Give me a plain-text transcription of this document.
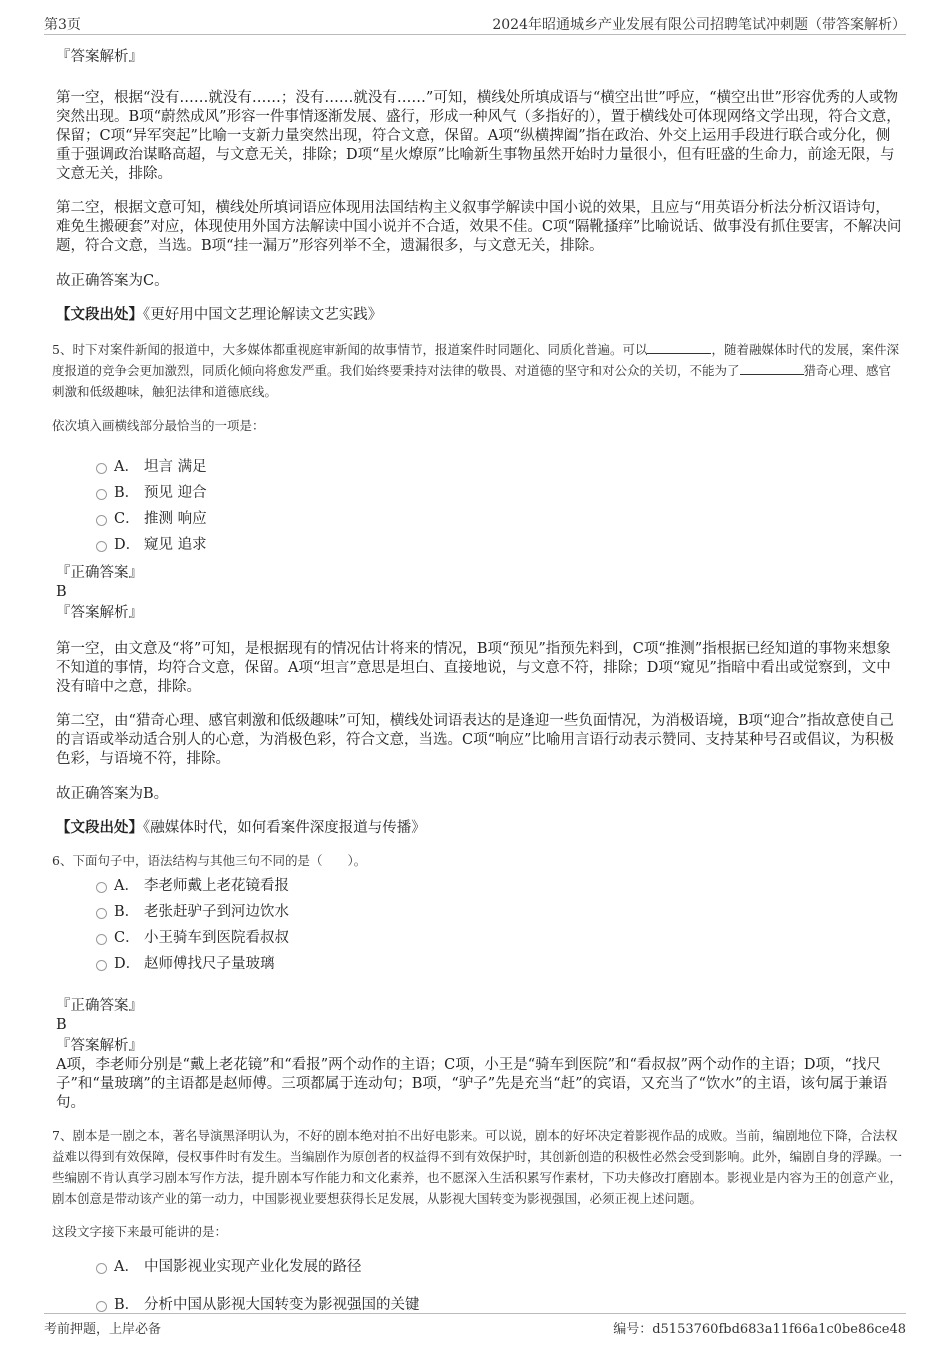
第3页	2024年昭通城乡产业发展有限公司招聘笔试冲刺题（带答案解析）

『答案解析』

第一空，根据“没有……就没有……；没有……就没有……”可知，横线处所填成语与“横空出世”呼应，“横空出世”形容优秀的人或物突然出现。B项“蔚然成风”形容一件事情逐渐发展、盛行，形成一种风气（多指好的），置于横线处可体现网络文学出现，符合文意，保留；C项“异军突起”比喻一支新力量突然出现，符合文意，保留。A项“纵横捭阖”指在政治、外交上运用手段进行联合或分化，侧重于强调政治谋略高超，与文意无关，排除；D项“星火燎原”比喻新生事物虽然开始时力量很小，但有旺盛的生命力，前途无限，与文意无关，排除。

第二空，根据文意可知，横线处所填词语应体现用法国结构主义叙事学解读中国小说的效果，且应与“用英语分析法分析汉语诗句，难免生搬硬套”对应，体现使用外国方法解读中国小说并不合适，效果不佳。C项“隔靴搔痒”比喻说话、做事没有抓住要害，不解决问题，符合文意，当选。B项“挂一漏万”形容列举不全，遗漏很多，与文意无关，排除。

故正确答案为C。

【文段出处】《更好用中国文艺理论解读文艺实践》

5、时下对案件新闻的报道中，大多媒体都重视庭审新闻的故事情节，报道案件时同题化、同质化普遍。可以	，随着融媒体时代的发展，案件深度报道的竞争会更加激烈，同质化倾向将愈发严重。我们始终要秉持对法律的敬畏、对道德的坚守和对公众的关切，不能为了	猎奇心理、感官刺激和低级趣味，触犯法律和道德底线。

依次填入画横线部分最恰当的一项是：

A． 坦言 满足
B． 预见 迎合
C． 推测 响应
D． 窥见 追求

『正确答案』

B

『答案解析』

第一空，由文意及“将”可知，是根据现有的情况估计将来的情况，B项“预见”指预先料到，C项“推测”指根据已经知道的事物来想象不知道的事情，均符合文意，保留。A项“坦言”意思是坦白、直接地说，与文意不符，排除；D项“窥见”指暗中看出或觉察到，文中没有暗中之意，排除。

第二空，由“猎奇心理、感官刺激和低级趣味”可知，横线处词语表达的是逢迎一些负面情况，为消极语境，B项“迎合”指故意使自己的言语或举动适合别人的心意，为消极色彩，符合文意，当选。C项“响应”比喻用言语行动表示赞同、支持某种号召或倡议，为积极色彩，与语境不符，排除。

故正确答案为B。

【文段出处】《融媒体时代，如何看案件深度报道与传播》

6、下面句子中，语法结构与其他三句不同的是（　　）。

A． 李老师戴上老花镜看报
B． 老张赶驴子到河边饮水
C． 小王骑车到医院看叔叔
D． 赵师傅找尺子量玻璃

『正确答案』

B

『答案解析』

A项，李老师分别是“戴上老花镜”和“看报”两个动作的主语；C项，小王是“骑车到医院”和“看叔叔”两个动作的主语；D项，“找尺子”和“量玻璃”的主语都是赵师傅。三项都属于连动句；B项，“驴子”先是充当“赶”的宾语，又充当了“饮水”的主语，该句属于兼语句。

7、剧本是一剧之本，著名导演黑泽明认为，不好的剧本绝对拍不出好电影来。可以说，剧本的好坏决定着影视作品的成败。当前，编剧地位下降，合法权益难以得到有效保障，侵权事件时有发生。当编剧作为原创者的权益得不到有效保护时，其创新创造的积极性必然会受到影响。此外，编剧自身的浮躁。一些编剧不肯认真学习剧本写作方法，提升剧本写作能力和文化素养，也不愿深入生活积累写作素材，下功夫修改打磨剧本。影视业是内容为王的创意产业，剧本创意是带动该产业的第一动力，中国影视业要想获得长足发展，从影视大国转变为影视强国，必须正视上述问题。

这段文字接下来最可能讲的是：

A． 中国影视业实现产业化发展的路径
B． 分析中国从影视大国转变为影视强国的关键
考前押题，上岸必备	编号：d5153760fbd683a11f66a1c0be86ce48
